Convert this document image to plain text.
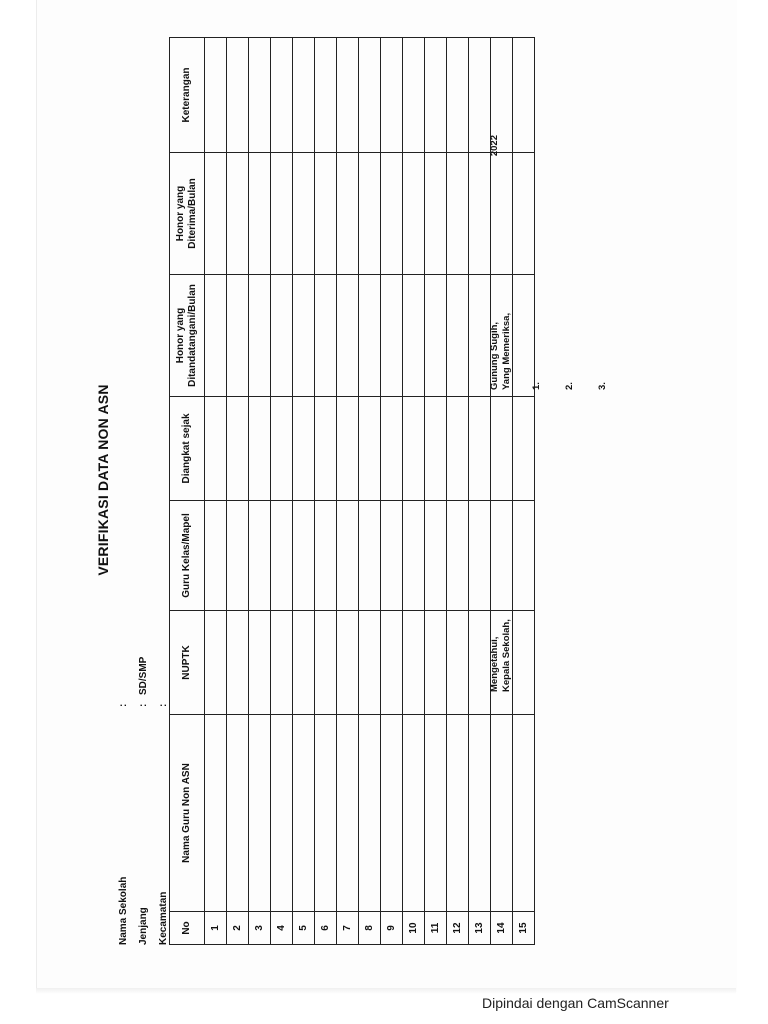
VERIFIKASI DATA NON ASN
Nama Sekolah
:
Jenjang
:
SD/SMP
Kecamatan
:
No	Nama Guru Non ASN	NUPTK	Guru Kelas/Mapel	Diangkat sejak	Honor yang Ditandatangani/Bulan	Honor yang Diterima/Bulan	Keterangan
1							
2							
3							
4							
5							
6							
7							
8							
9							
10							
11							
12							
13							
14							
15							
Mengetahui, Kepala Sekolah,
Gunung Sugih,
2022
Yang Memeriksa, 1.	2.	3.
Dipindai dengan CamScanner
